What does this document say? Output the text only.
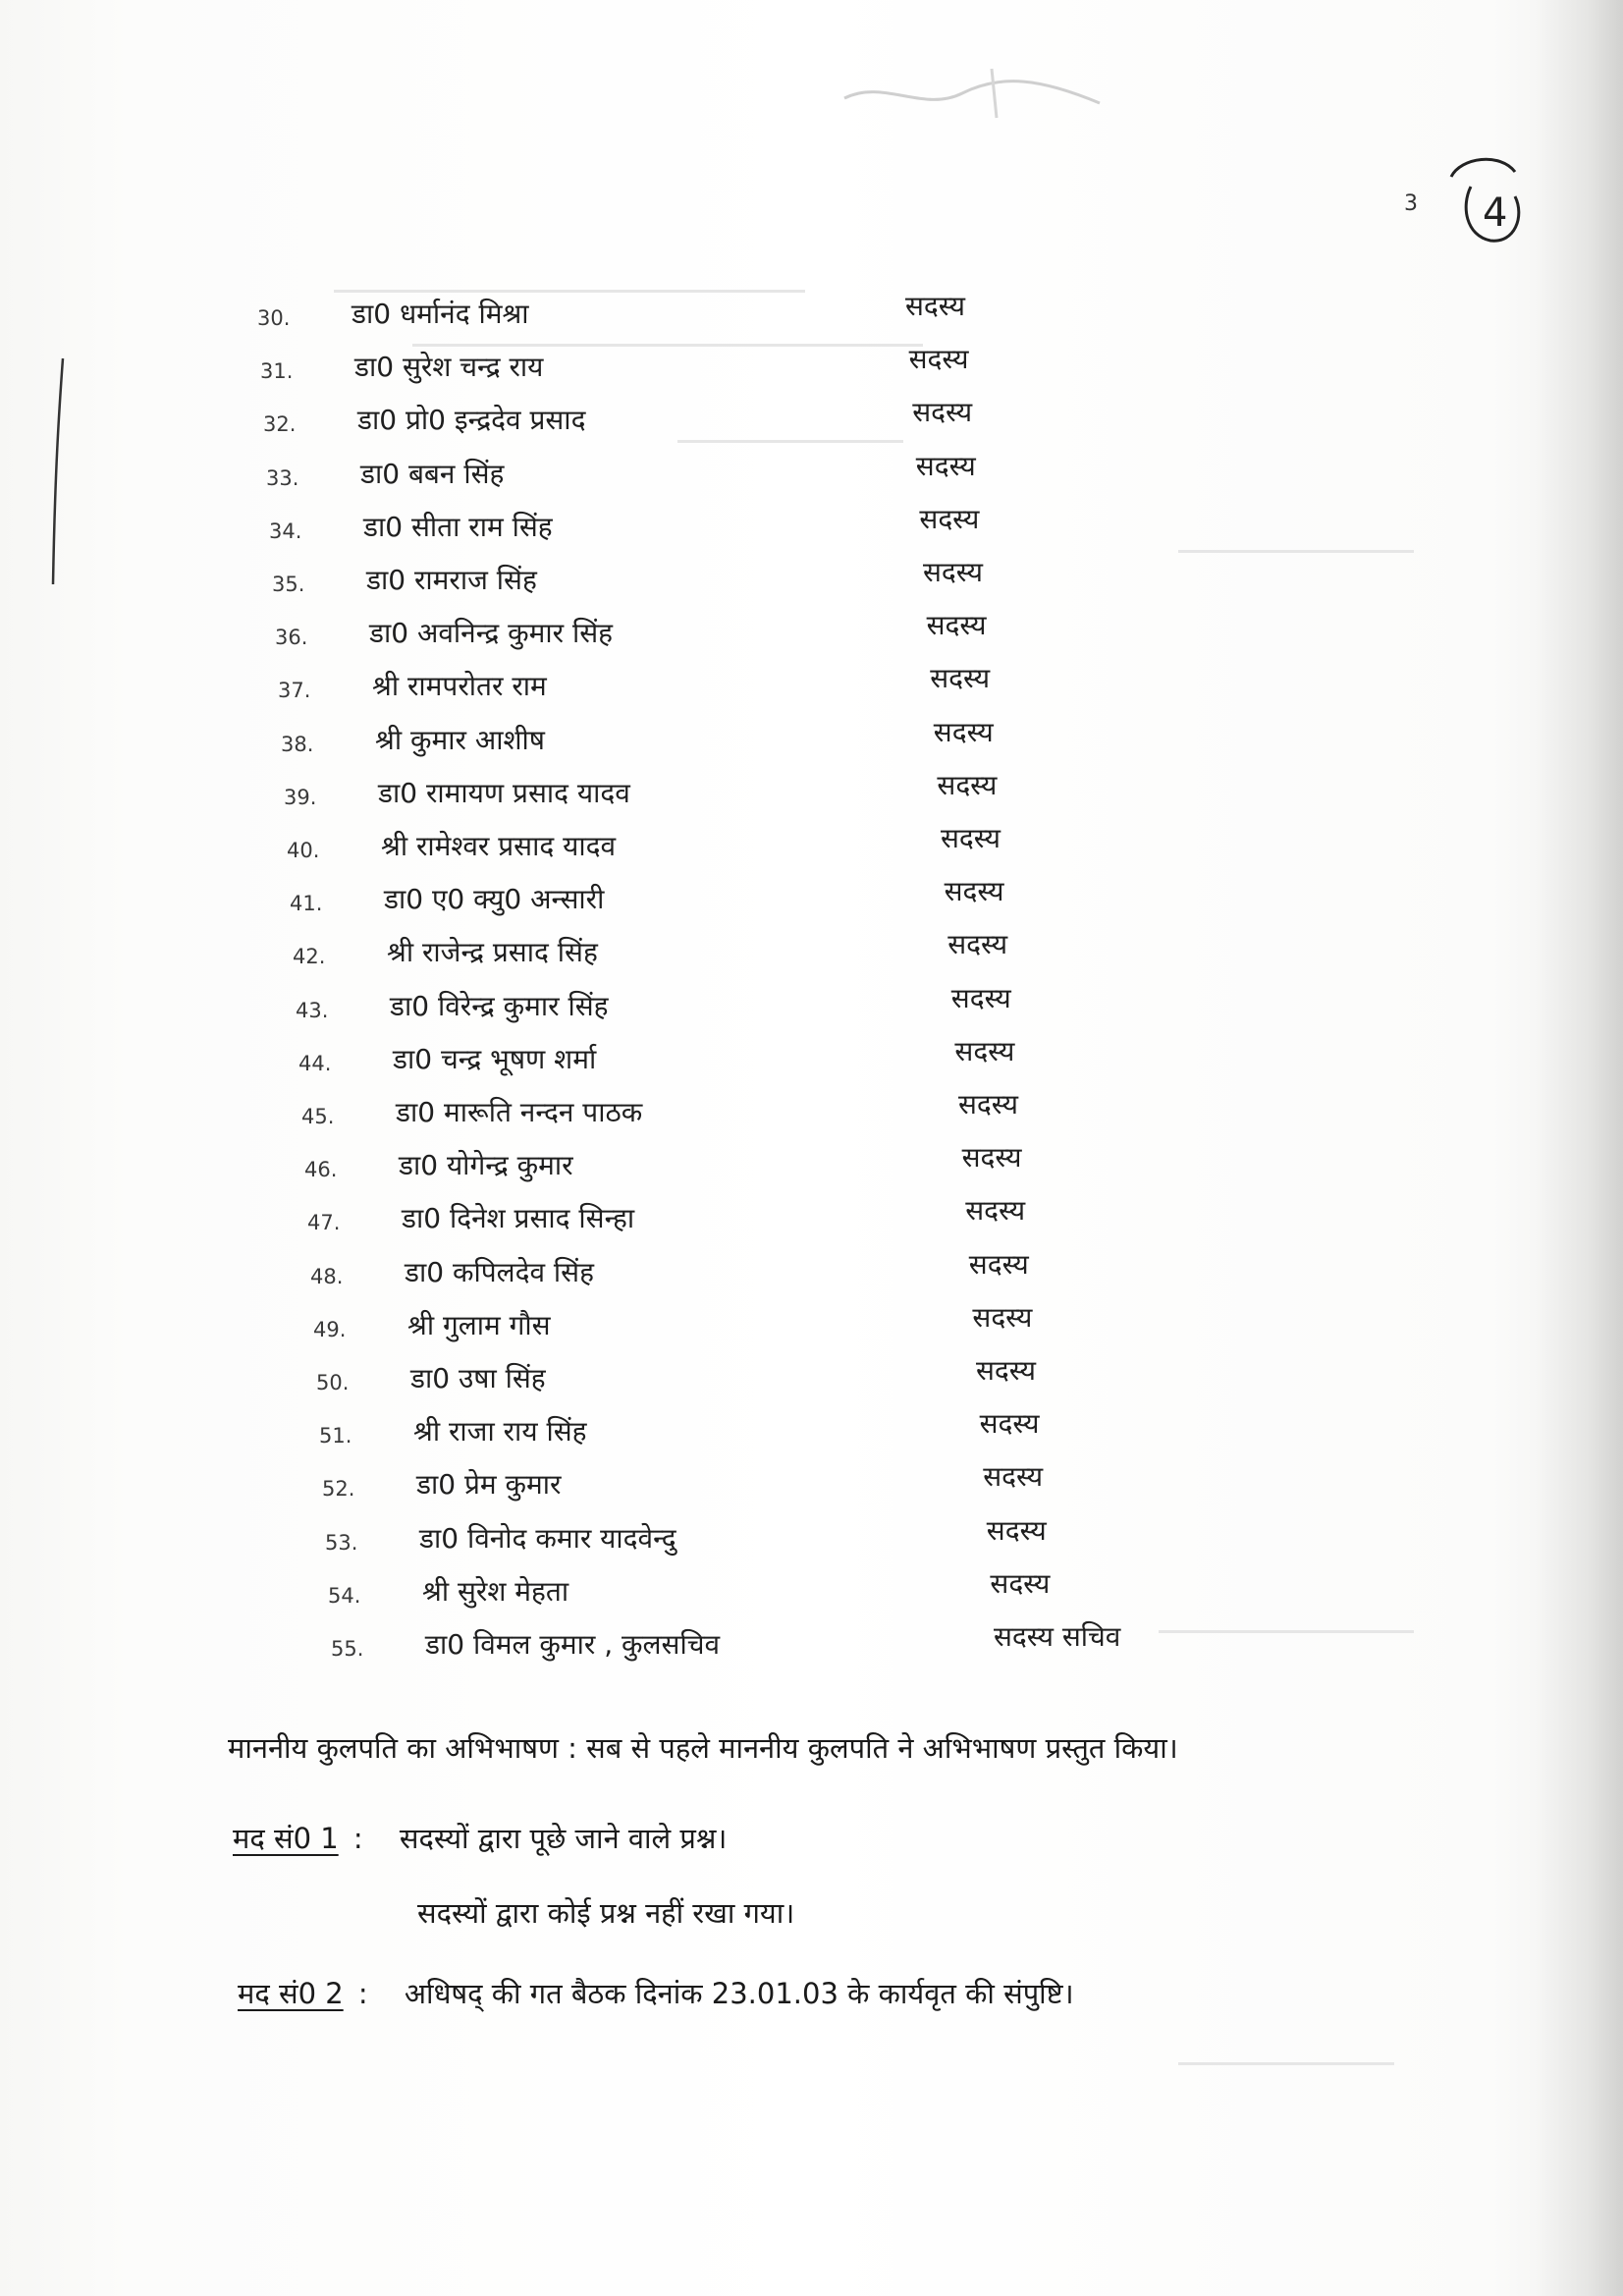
3 4
30.	डा0 धर्मानंद मिश्रा	सदस्य
31.	डा0 सुरेश चन्द्र राय	सदस्य
32.	डा0 प्रो0 इन्द्रदेव प्रसाद	सदस्य
33.	डा0 बबन सिंह	सदस्य
34.	डा0 सीता राम सिंह	सदस्य
35.	डा0 रामराज सिंह	सदस्य
36.	डा0 अवनिन्द्र कुमार सिंह	सदस्य
37.	श्री रामपरोतर राम	सदस्य
38.	श्री कुमार आशीष	सदस्य
39.	डा0 रामायण प्रसाद यादव	सदस्य
40.	श्री रामेश्वर प्रसाद यादव	सदस्य
41.	डा0 ए0 क्यु0 अन्सारी	सदस्य
42.	श्री राजेन्द्र प्रसाद सिंह	सदस्य
43.	डा0 विरेन्द्र कुमार सिंह	सदस्य
44.	डा0 चन्द्र भूषण शर्मा	सदस्य
45.	डा0 मारूति नन्दन पाठक	सदस्य
46.	डा0 योगेन्द्र कुमार	सदस्य
47.	डा0 दिनेश प्रसाद सिन्हा	सदस्य
48.	डा0 कपिलदेव सिंह	सदस्य
49.	श्री गुलाम गौस	सदस्य
50.	डा0 उषा सिंह	सदस्य
51.	श्री राजा राय सिंह	सदस्य
52.	डा0 प्रेम कुमार	सदस्य
53.	डा0 विनोद कमार यादवेन्दु	सदस्य
54.	श्री सुरेश मेहता	सदस्य
55.	डा0 विमल कुमार , कुलसचिव	सदस्य सचिव
माननीय कुलपति का अभिभाषण : सब से पहले माननीय कुलपति ने अभिभाषण प्रस्तुत किया।
मद सं0 1 : सदस्यों द्वारा पूछे जाने वाले प्रश्न।
सदस्यों द्वारा कोई प्रश्न नहीं रखा गया।
मद सं0 2 : अधिषद् की गत बैठक दिनांक 23.01.03 के कार्यवृत की संपुष्टि।
